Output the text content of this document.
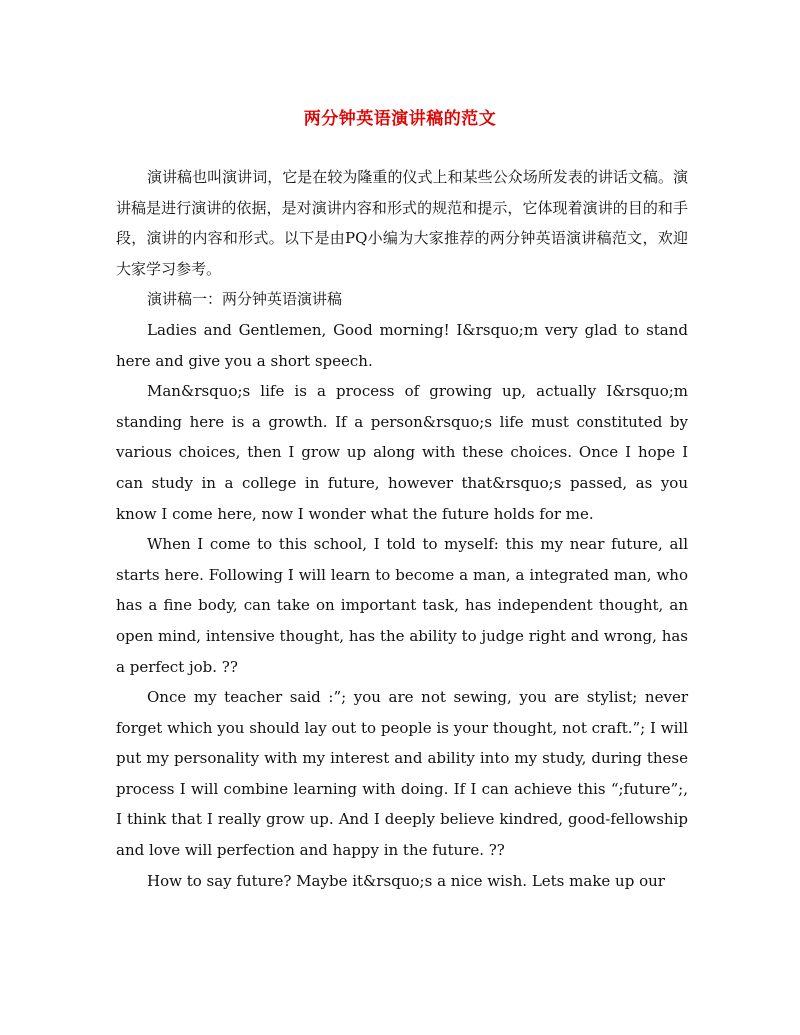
两分钟英语演讲稿的范文

演讲稿也叫演讲词，它是在较为隆重的仪式上和某些公众场所发表的讲话文稿。演讲稿是进行演讲的依据，是对演讲内容和形式的规范和提示，它体现着演讲的目的和手段，演讲的内容和形式。以下是由PQ小编为大家推荐的两分钟英语演讲稿范文，欢迎大家学习参考。

演讲稿一：两分钟英语演讲稿

Ladies and Gentlemen, Good morning! I&rsquo;m very glad to stand here and give you a short speech.

Man&rsquo;s life is a process of growing up, actually I&rsquo;m standing here is a growth. If a person&rsquo;s life must constituted by various choices, then I grow up along with these choices. Once I hope I can study in a college in future, however that&rsquo;s passed, as you know I come here, now I wonder what the future holds for me.

When I come to this school, I told to myself: this my near future, all starts here. Following I will learn to become a man, a integrated man, who has a fine body, can take on important task, has independent thought, an open mind, intensive thought, has the ability to judge right and wrong, has a perfect job. ??

Once my teacher said :”; you are not sewing, you are stylist; never forget which you should lay out to people is your thought, not craft.”; I will put my personality with my interest and ability into my study, during these process I will combine learning with doing. If I can achieve this “;future”;, I think that I really grow up. And I deeply believe kindred, good-fellowship and love will perfection and happy in the future. ??

How to say future? Maybe it&rsquo;s a nice wish. Lets make up our
